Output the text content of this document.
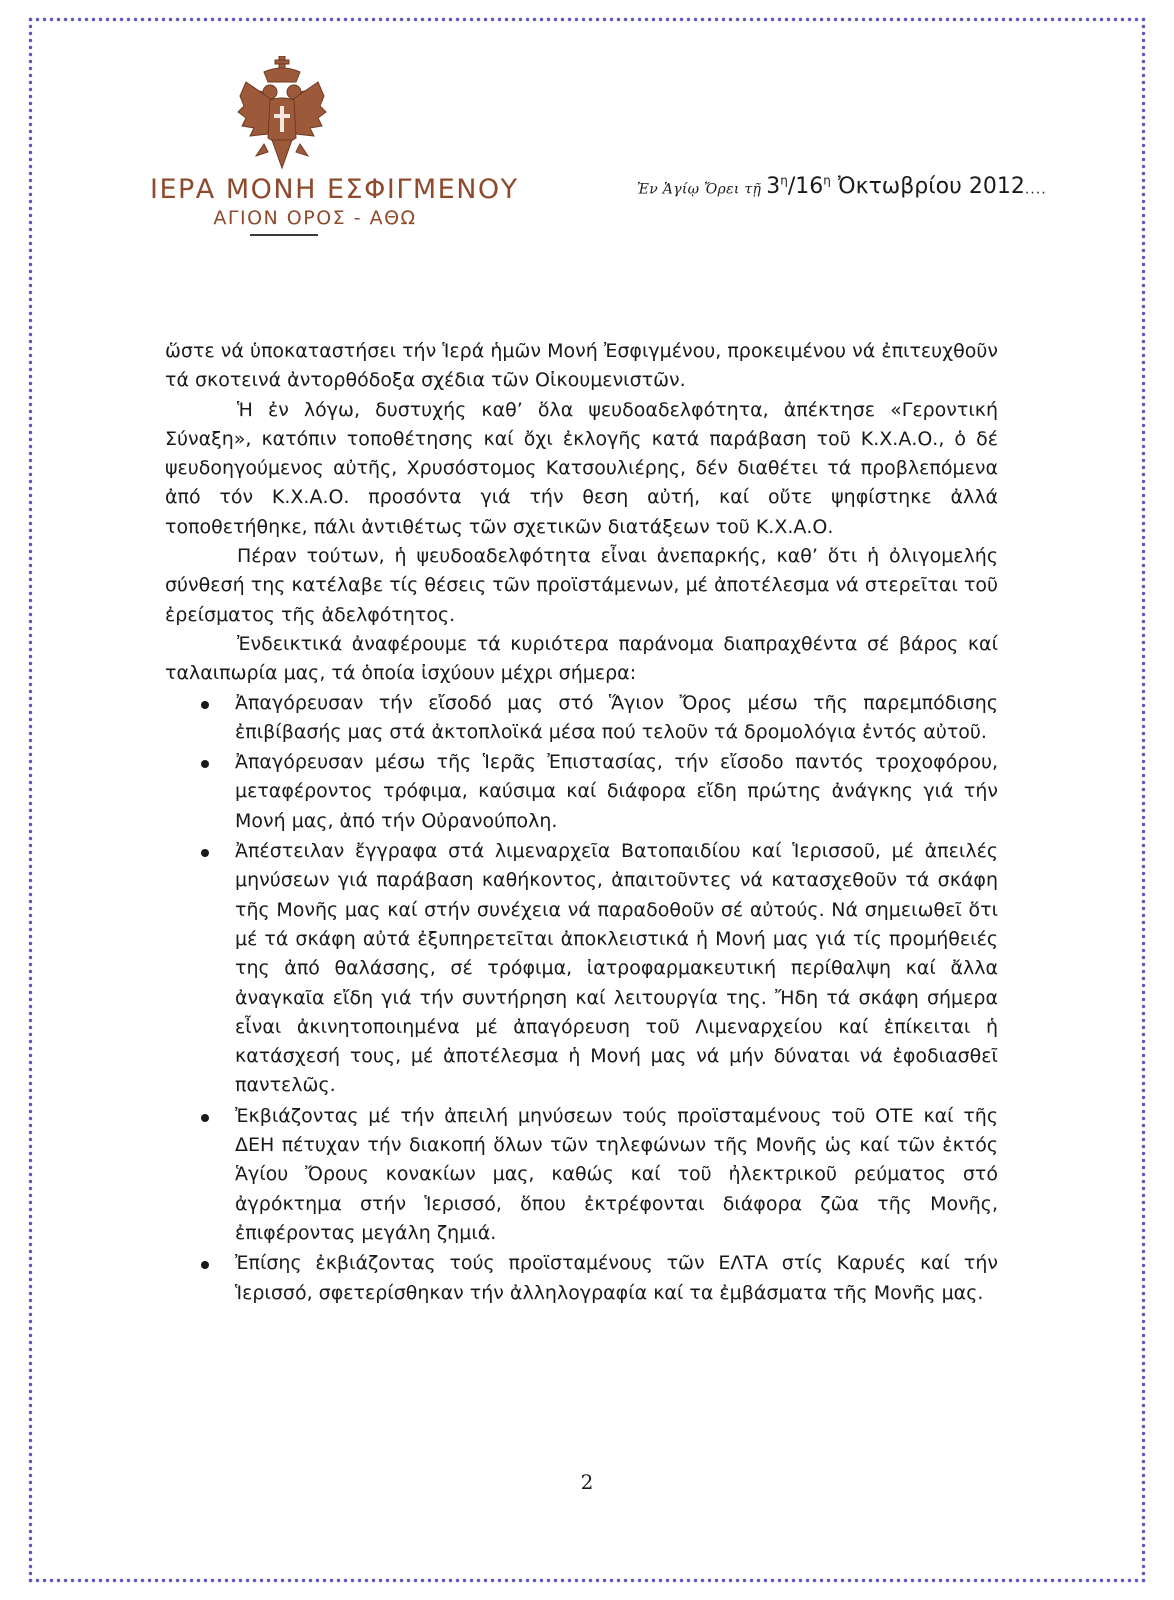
ΙΕΡΑ ΜΟΝΗ ΕΣΦΙΓΜΕΝΟΥ
ΑΓΙΟΝ ΟΡΟΣ - ΑΘΩ
Ἐν Ἁγίῳ Ὄρει τῇ $3^\eta/16^\eta$ Ὀκτωβρίου 2012....

ὥστε νά ὑποκαταστήσει τήν Ἱερά ἡμῶν Μονή Ἐσφιγμένου, προκειμένου νά ἐπιτευχθοῦν τά σκοτεινά ἀντορθόδοξα σχέδια τῶν Οἰκουμενιστῶν.

Ἡ ἐν λόγω, δυστυχής καθ’ ὅλα ψευδοαδελφότητα, ἀπέκτησε «Γεροντική Σύναξη», κατόπιν τοποθέτησης καί ὄχι ἐκλογῆς κατά παράβαση τοῦ Κ.Χ.Α.Ο., ὁ δέ ψευδοηγούμενος αὐτῆς, Χρυσόστομος Κατσουλιέρης, δέν διαθέτει τά προβλεπόμενα ἀπό τόν Κ.Χ.Α.Ο. προσόντα γιά τήν θεση αὐτή, καί οὔτε ψηφίστηκε ἀλλά τοποθετήθηκε, πάλι ἀντιθέτως τῶν σχετικῶν διατάξεων τοῦ Κ.Χ.Α.Ο.

Πέραν τούτων, ἡ ψευδοαδελφότητα εἶναι ἀνεπαρκής, καθ’ ὅτι ἡ ὀλιγομελής σύνθεσή της κατέλαβε τίς θέσεις τῶν προϊστάμενων, μέ ἀποτέλεσμα νά στερεῖται τοῦ ἐρείσματος τῆς ἀδελφότητος.

Ἐνδεικτικά ἀναφέρουμε τά κυριότερα παράνομα διαπραχθέντα σέ βάρος καί ταλαιπωρία μας, τά ὁποία ἰσχύουν μέχρι σήμερα:

Ἀπαγόρευσαν τήν εἴσοδό μας στό Ἅγιον Ὄρος μέσω τῆς παρεμπόδισης ἐπιβίβασής μας στά ἀκτοπλοϊκά μέσα πού τελοῦν τά δρομολόγια ἐντός αὐτοῦ.
Ἀπαγόρευσαν μέσω τῆς Ἱερᾶς Ἐπιστασίας, τήν εἴσοδο παντός τροχοφόρου, μεταφέροντος τρόφιμα, καύσιμα καί διάφορα εἴδη πρώτης ἀνάγκης γιά τήν Μονή μας, ἀπό τήν Οὐρανούπολη.
Ἀπέστειλαν ἔγγραφα στά λιμεναρχεῖα Βατοπαιδίου καί Ἱερισσοῦ, μέ ἀπειλές μηνύσεων γιά παράβαση καθήκοντος, ἀπαιτοῦντες νά κατασχεθοῦν τά σκάφη τῆς Μονῆς μας καί στήν συνέχεια νά παραδοθοῦν σέ αὐτούς. Νά σημειωθεῖ ὅτι μέ τά σκάφη αὐτά ἐξυπηρετεῖται ἀποκλειστικά ἡ Μονή μας γιά τίς προμήθειές της ἀπό θαλάσσης, σέ τρόφιμα, ἰατροφαρμακευτική περίθαλψη καί ἄλλα ἀναγκαῖα εἴδη γιά τήν συντήρηση καί λειτουργία της. Ἤδη τά σκάφη σήμερα εἶναι ἀκινητοποιημένα μέ ἀπαγόρευση τοῦ Λιμεναρχείου καί ἐπίκειται ἡ κατάσχεσή τους, μέ ἀποτέλεσμα ἡ Μονή μας νά μήν δύναται νά ἐφοδιασθεῖ παντελῶς.
Ἐκβιάζοντας μέ τήν ἀπειλή μηνύσεων τούς προϊσταμένους τοῦ ΟΤΕ καί τῆς ΔΕΗ πέτυχαν τήν διακοπή ὅλων τῶν τηλεφώνων τῆς Μονῆς ὡς καί τῶν ἐκτός Ἁγίου Ὄρους κονακίων μας, καθώς καί τοῦ ἠλεκτρικοῦ ρεύματος στό ἀγρόκτημα στήν Ἱερισσό, ὅπου ἐκτρέφονται διάφορα ζῶα τῆς Μονῆς, ἐπιφέροντας μεγάλη ζημιά.
Ἐπίσης ἐκβιάζοντας τούς προϊσταμένους τῶν ΕΛΤΑ στίς Καρυές καί τήν Ἱερισσό, σφετερίσθηκαν τήν ἀλληλογραφία καί τα ἐμβάσματα τῆς Μονῆς μας.
2
